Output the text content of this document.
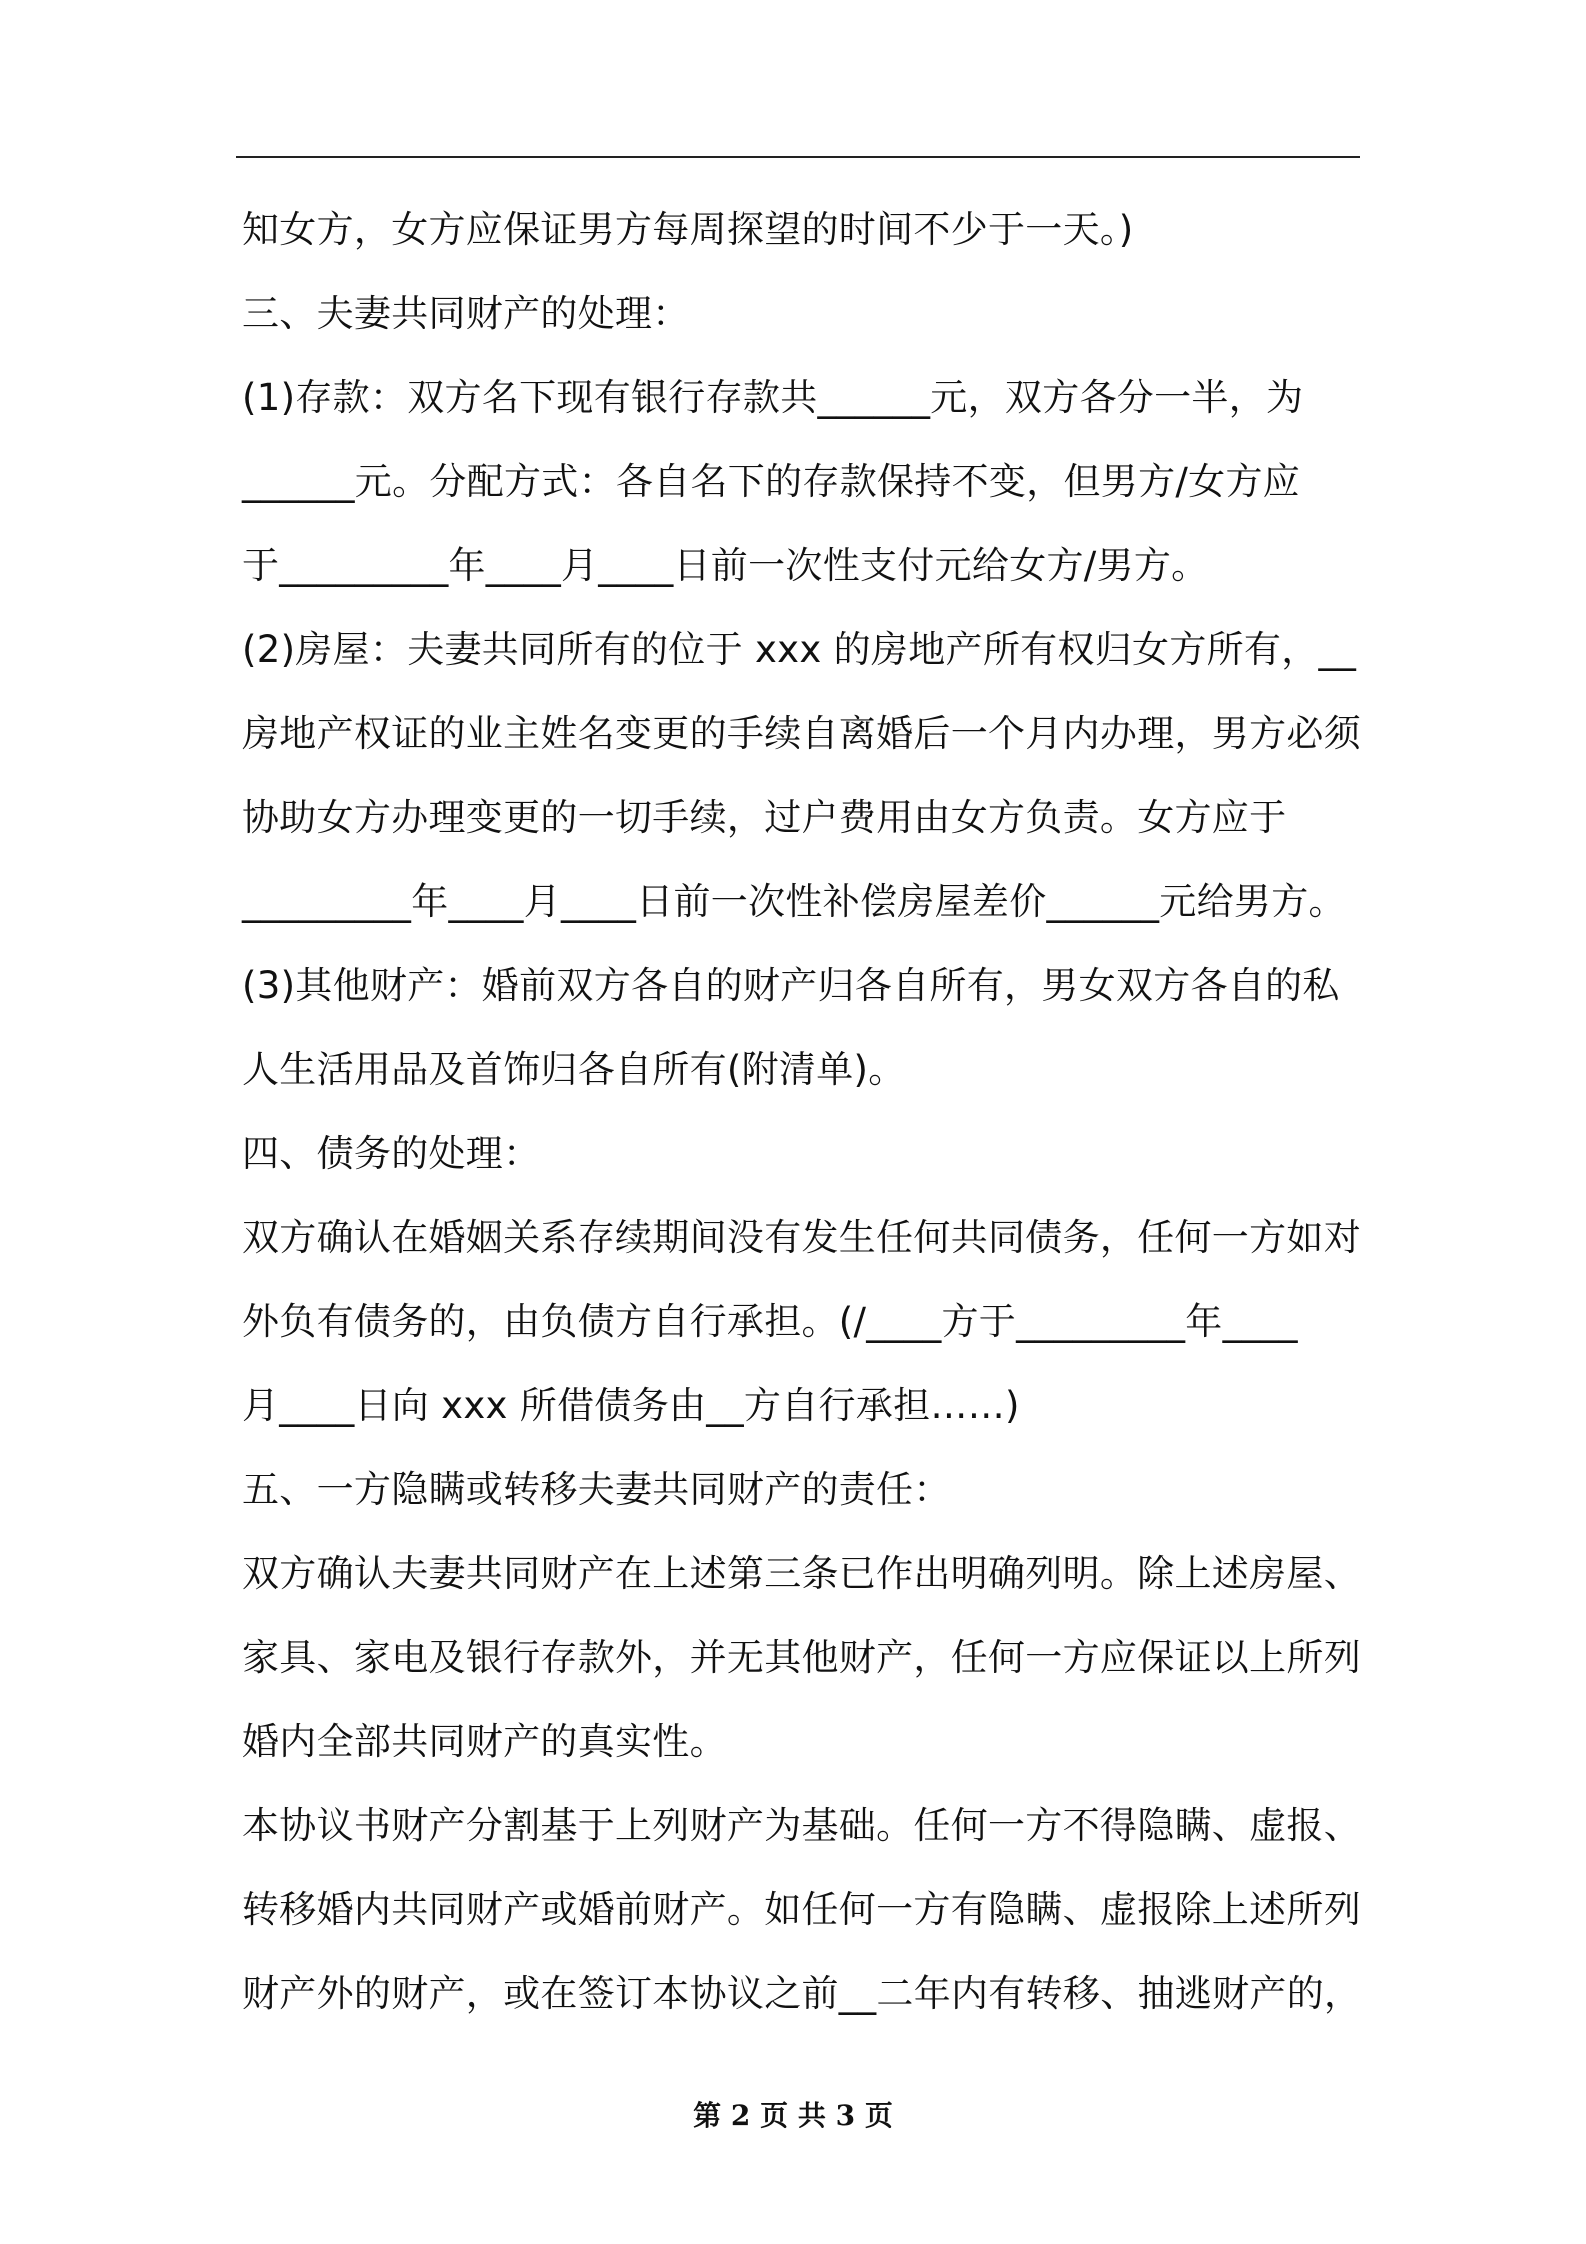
知女方，女方应保证男方每周探望的时间不少于一天。)
三、夫妻共同财产的处理：
(1)存款：双方名下现有银行存款共______元，双方各分一半，为
______元。分配方式：各自名下的存款保持不变，但男方/女方应
于_________年____月____日前一次性支付元给女方/男方。
(2)房屋：夫妻共同所有的位于 xxx 的房地产所有权归女方所有，__
房地产权证的业主姓名变更的手续自离婚后一个月内办理，男方必须
协助女方办理变更的一切手续，过户费用由女方负责。女方应于
_________年____月____日前一次性补偿房屋差价______元给男方。
(3)其他财产：婚前双方各自的财产归各自所有，男女双方各自的私
人生活用品及首饰归各自所有(附清单)。
四、债务的处理：
双方确认在婚姻关系存续期间没有发生任何共同债务，任何一方如对
外负有债务的，由负债方自行承担。(/____方于_________年____
月____日向 xxx 所借债务由__方自行承担……)
五、一方隐瞒或转移夫妻共同财产的责任：
双方确认夫妻共同财产在上述第三条已作出明确列明。除上述房屋、
家具、家电及银行存款外，并无其他财产，任何一方应保证以上所列
婚内全部共同财产的真实性。
本协议书财产分割基于上列财产为基础。任何一方不得隐瞒、虚报、
转移婚内共同财产或婚前财产。如任何一方有隐瞒、虚报除上述所列
财产外的财产，或在签订本协议之前__二年内有转移、抽逃财产的，
第 2 页 共 3 页
